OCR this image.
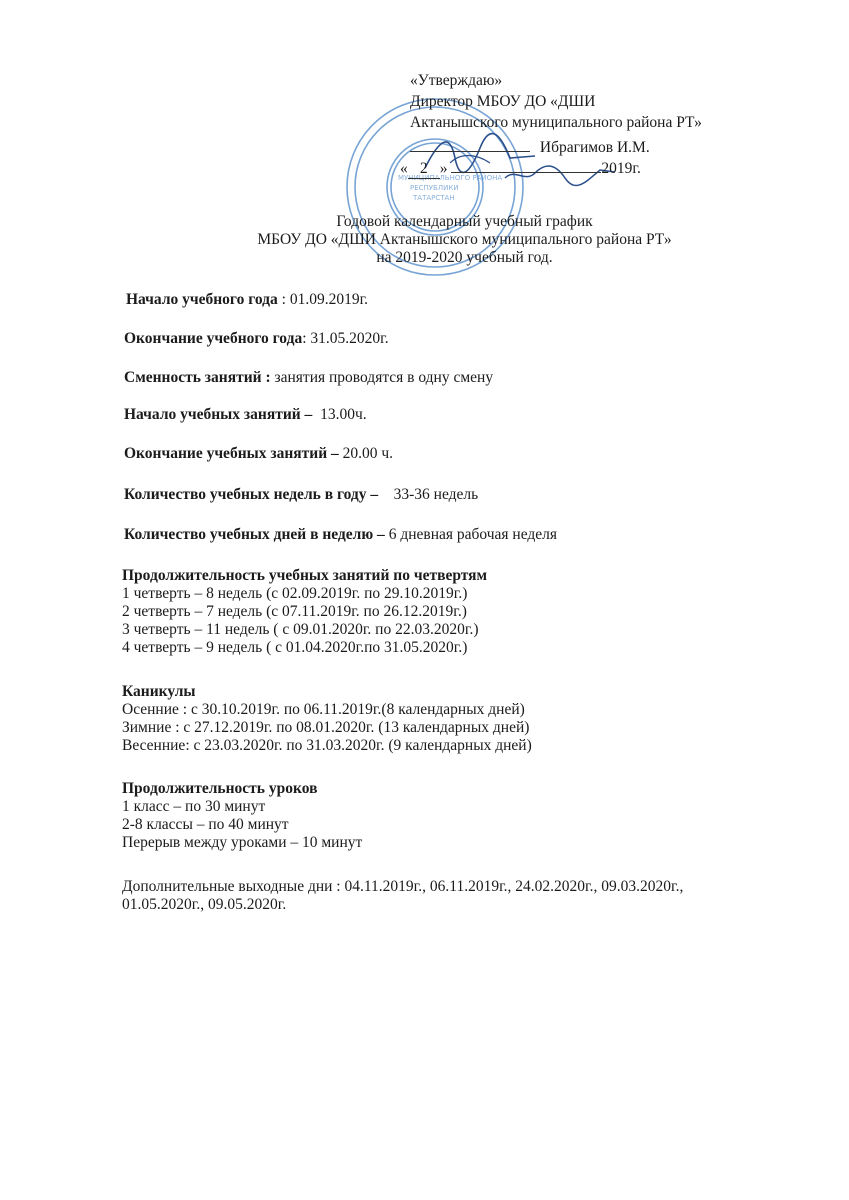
МУНИЦИПАЛЬНОГО РАЙОНА
РЕСПУБЛИКИ
ТАТАРСТАН
«Утверждаю»
Директор МБОУ ДО «ДШИ
Актанышского муниципального района РТ»
Ибрагимов И.М.
« 2 »	2019г.
Годовой календарный учебный график
МБОУ ДО «ДШИ Актанышского муниципального района РТ»
на 2019-2020 учебный год.
Начало учебного года : 01.09.2019г.
Окончание учебного года: 31.05.2020г.
Сменность занятий : занятия проводятся в одну смену
Начало учебных занятий – 13.00ч.
Окончание учебных занятий – 20.00 ч.
Количество учебных недель в году – 33-36 недель
Количество учебных дней в неделю – 6 дневная рабочая неделя
Продолжительность учебных занятий по четвертям
1 четверть – 8 недель (с 02.09.2019г. по 29.10.2019г.)
2 четверть – 7 недель (с 07.11.2019г. по 26.12.2019г.)
3 четверть – 11 недель ( с 09.01.2020г. по 22.03.2020г.)
4 четверть – 9 недель ( с 01.04.2020г.по 31.05.2020г.)
Каникулы
Осенние : с 30.10.2019г. по 06.11.2019г.(8 календарных дней)
Зимние : с 27.12.2019г. по 08.01.2020г. (13 календарных дней)
Весенние: с 23.03.2020г. по 31.03.2020г. (9 календарных дней)
Продолжительность уроков
1 класс – по 30 минут
2-8 классы – по 40 минут
Перерыв между уроками – 10 минут
Дополнительные выходные дни : 04.11.2019г., 06.11.2019г., 24.02.2020г., 09.03.2020г.,
01.05.2020г., 09.05.2020г.
